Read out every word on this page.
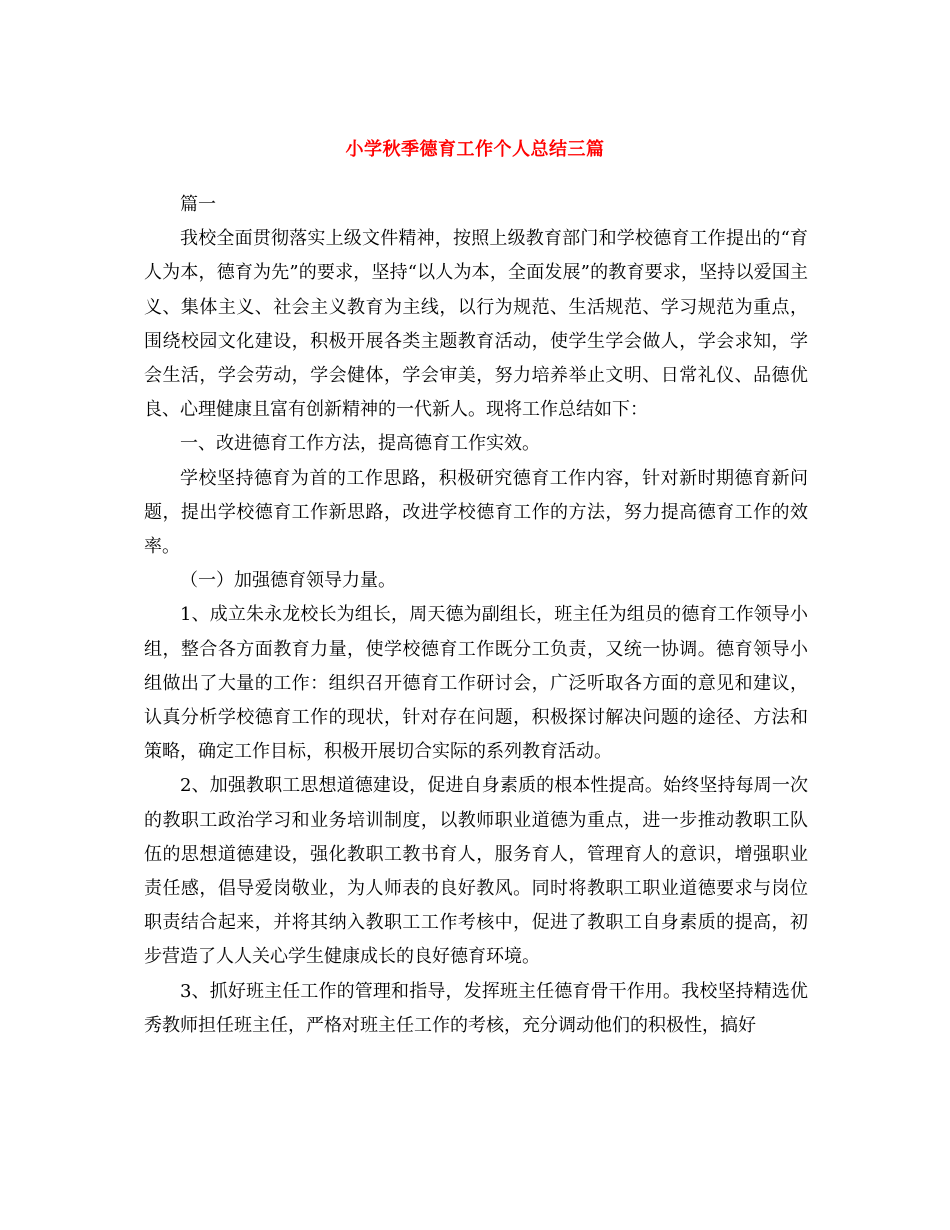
小学秋季德育工作个人总结三篇

篇一

我校全面贯彻落实上级文件精神，按照上级教育部门和学校德育工作提出的“育人为本，德育为先”的要求，坚持“以人为本，全面发展”的教育要求，坚持以爱国主义、集体主义、社会主义教育为主线，以行为规范、生活规范、学习规范为重点，围绕校园文化建设，积极开展各类主题教育活动，使学生学会做人，学会求知，学会生活，学会劳动，学会健体，学会审美，努力培养举止文明、日常礼仪、品德优良、心理健康且富有创新精神的一代新人。现将工作总结如下：

一、改进德育工作方法，提高德育工作实效。

学校坚持德育为首的工作思路，积极研究德育工作内容，针对新时期德育新问题，提出学校德育工作新思路，改进学校德育工作的方法，努力提高德育工作的效率。

（一）加强德育领导力量。

1、成立朱永龙校长为组长，周天德为副组长，班主任为组员的德育工作领导小组，整合各方面教育力量，使学校德育工作既分工负责，又统一协调。德育领导小组做出了大量的工作：组织召开德育工作研讨会，广泛听取各方面的意见和建议，认真分析学校德育工作的现状，针对存在问题，积极探讨解决问题的途径、方法和策略，确定工作目标，积极开展切合实际的系列教育活动。

2、加强教职工思想道德建设，促进自身素质的根本性提高。始终坚持每周一次的教职工政治学习和业务培训制度，以教师职业道德为重点，进一步推动教职工队伍的思想道德建设，强化教职工教书育人，服务育人，管理育人的意识，增强职业责任感，倡导爱岗敬业，为人师表的良好教风。同时将教职工职业道德要求与岗位职责结合起来，并将其纳入教职工工作考核中，促进了教职工自身素质的提高，初步营造了人人关心学生健康成长的良好德育环境。

3、抓好班主任工作的管理和指导，发挥班主任德育骨干作用。我校坚持精选优秀教师担任班主任，严格对班主任工作的考核，充分调动他们的积极性，搞好
